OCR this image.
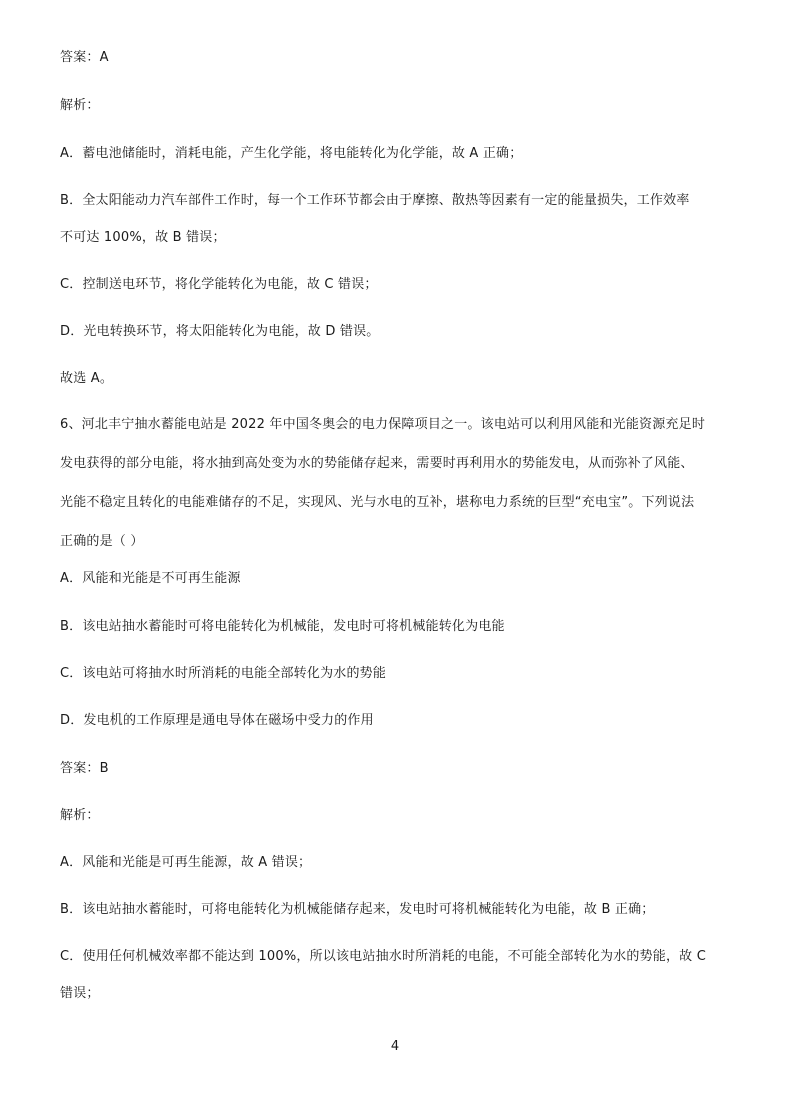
答案：A
解析：
A．蓄电池储能时，消耗电能，产生化学能，将电能转化为化学能，故 A 正确；
B．全太阳能动力汽车部件工作时，每一个工作环节都会由于摩擦、散热等因素有一定的能量损失，工作效率
不可达 100%，故 B 错误；
C．控制送电环节，将化学能转化为电能，故 C 错误；
D．光电转换环节，将太阳能转化为电能，故 D 错误。
故选 A。
6、河北丰宁抽水蓄能电站是 2022 年中国冬奥会的电力保障项目之一。该电站可以利用风能和光能资源充足时
发电获得的部分电能，将水抽到高处变为水的势能储存起来，需要时再利用水的势能发电，从而弥补了风能、
光能不稳定且转化的电能难储存的不足，实现风、光与水电的互补，堪称电力系统的巨型“充电宝”。下列说法
正确的是（ ）
A．风能和光能是不可再生能源
B．该电站抽水蓄能时可将电能转化为机械能，发电时可将机械能转化为电能
C．该电站可将抽水时所消耗的电能全部转化为水的势能
D．发电机的工作原理是通电导体在磁场中受力的作用
答案：B
解析：
A．风能和光能是可再生能源，故 A 错误；
B．该电站抽水蓄能时，可将电能转化为机械能储存起来，发电时可将机械能转化为电能，故 B 正确；
C．使用任何机械效率都不能达到 100%，所以该电站抽水时所消耗的电能，不可能全部转化为水的势能，故 C
错误；
4
